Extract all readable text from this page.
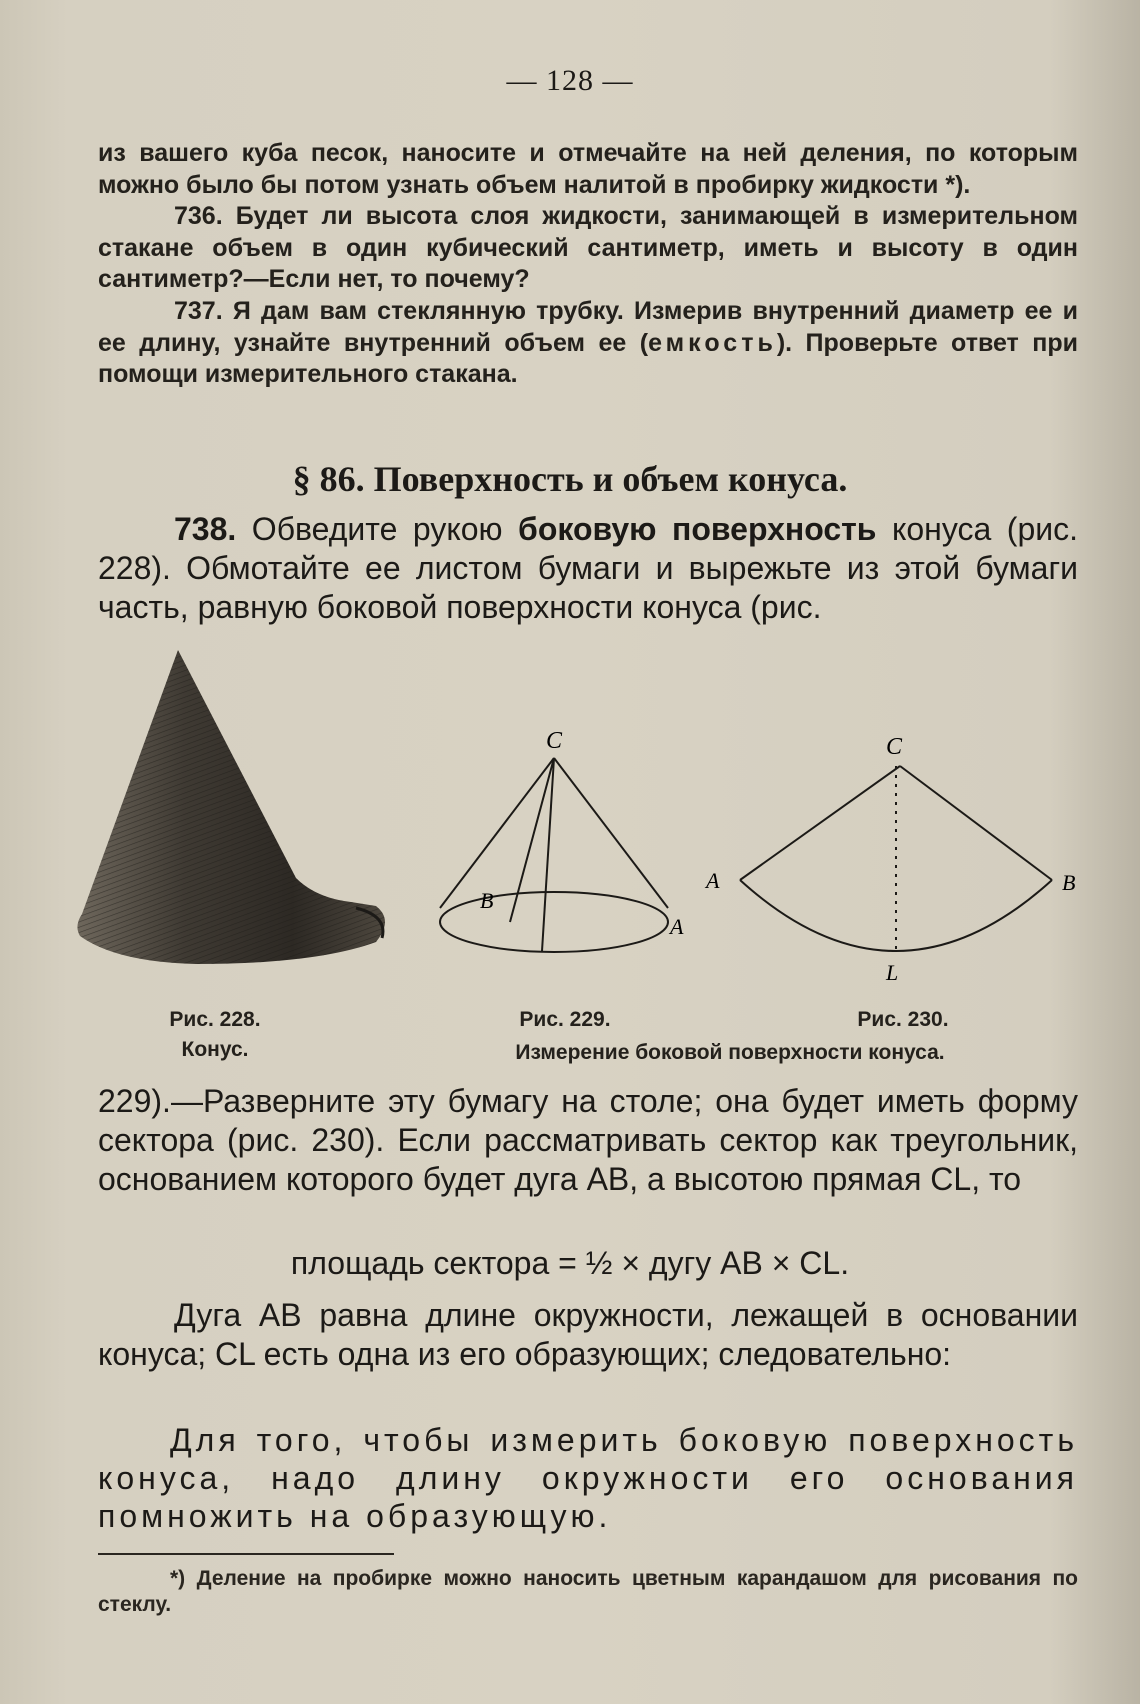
— 128 —

из вашего куба песок, наносите и отмечайте на ней деления, по которым можно было бы потом узнать объем налитой в пробирку жидкости *).

736. Будет ли высота слоя жидкости, занимающей в измерительном стакане объем в один кубический сантиметр, иметь и высоту в один сантиметр?—Если нет, то почему?

737. Я дам вам стеклянную трубку. Измерив внутренний диаметр ее и ее длину, узнайте внутренний объем ее (емкость). Проверьте ответ при помощи измерительного стакана.

§ 86. Поверхность и объем конуса.

738. Обведите рукою боковую поверхность конуса (рис. 228). Обмотайте ее листом бумаги и вырежьте из этой бумаги часть, равную боковой поверхности конуса (рис.

C
B
A
C
A	B
L
Рис. 228.
Конус.
Рис. 229.	Рис. 230.
Измерение боковой поверхности конуса.

229).—Разверните эту бумагу на столе; она будет иметь форму сектора (рис. 230). Если рассматривать сектор как треугольник, основанием которого будет дуга AB, а высотою прямая CL, то

площадь сектора = ½ × дугу AB × CL.

Дуга AB равна длине окружности, лежащей в основании конуса; CL есть одна из его образующих; следовательно:

Для того, чтобы измерить боковую поверхность конуса, надо длину окружности его основания помножить на образующую.
*) Деление на пробирке можно наносить цветным карандашом для рисования по стеклу.
